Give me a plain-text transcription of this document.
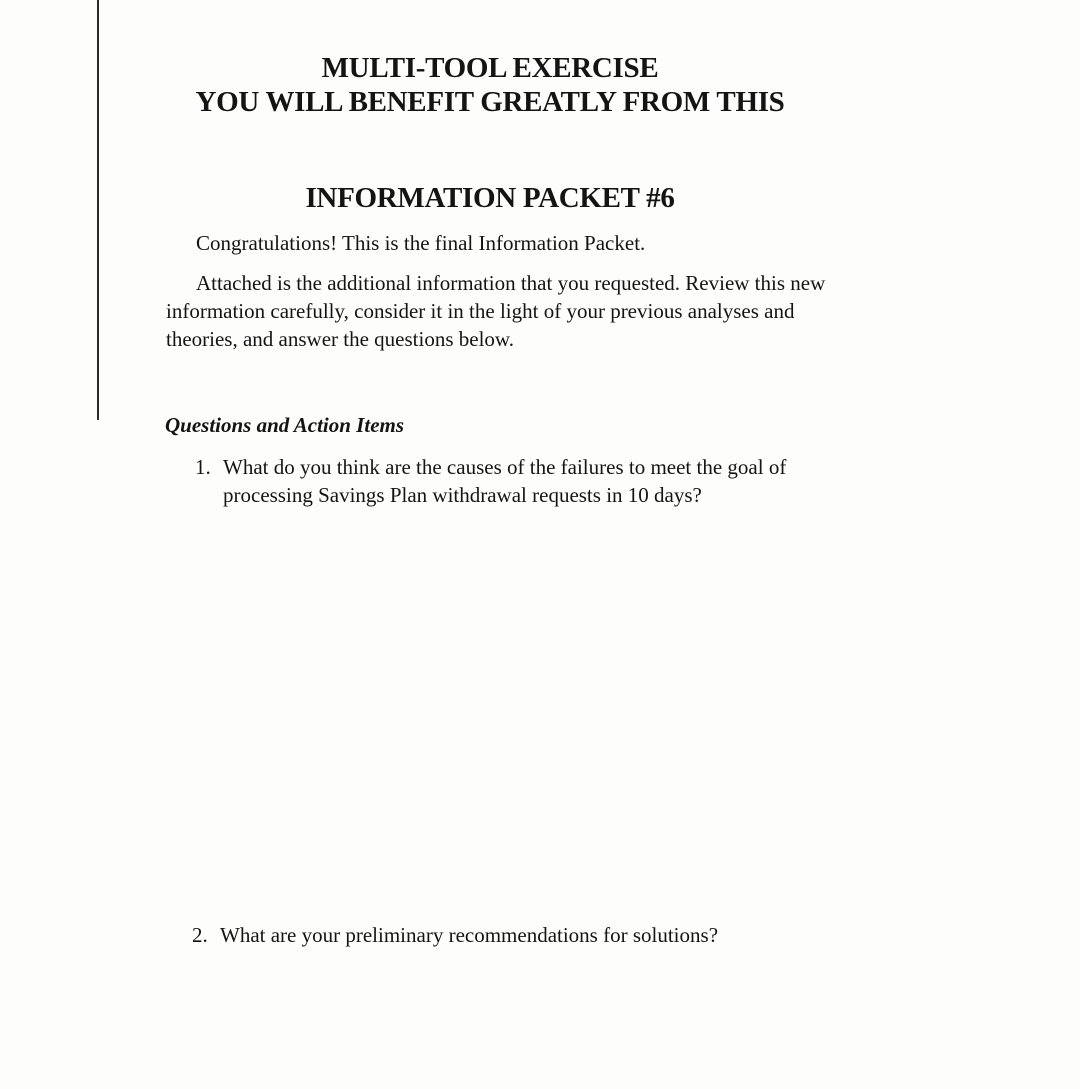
MULTI-TOOL EXERCISE
YOU WILL BENEFIT GREATLY FROM THIS
INFORMATION PACKET #6

Congratulations! This is the final Information Packet.

Attached is the additional information that you requested. Review this new information carefully, consider it in the light of your previous analyses and theories, and answer the questions below.

Questions and Action Items
1. What do you think are the causes of the failures to meet the goal of processing Savings Plan withdrawal requests in 10 days?
2. What are your preliminary recommendations for solutions?
